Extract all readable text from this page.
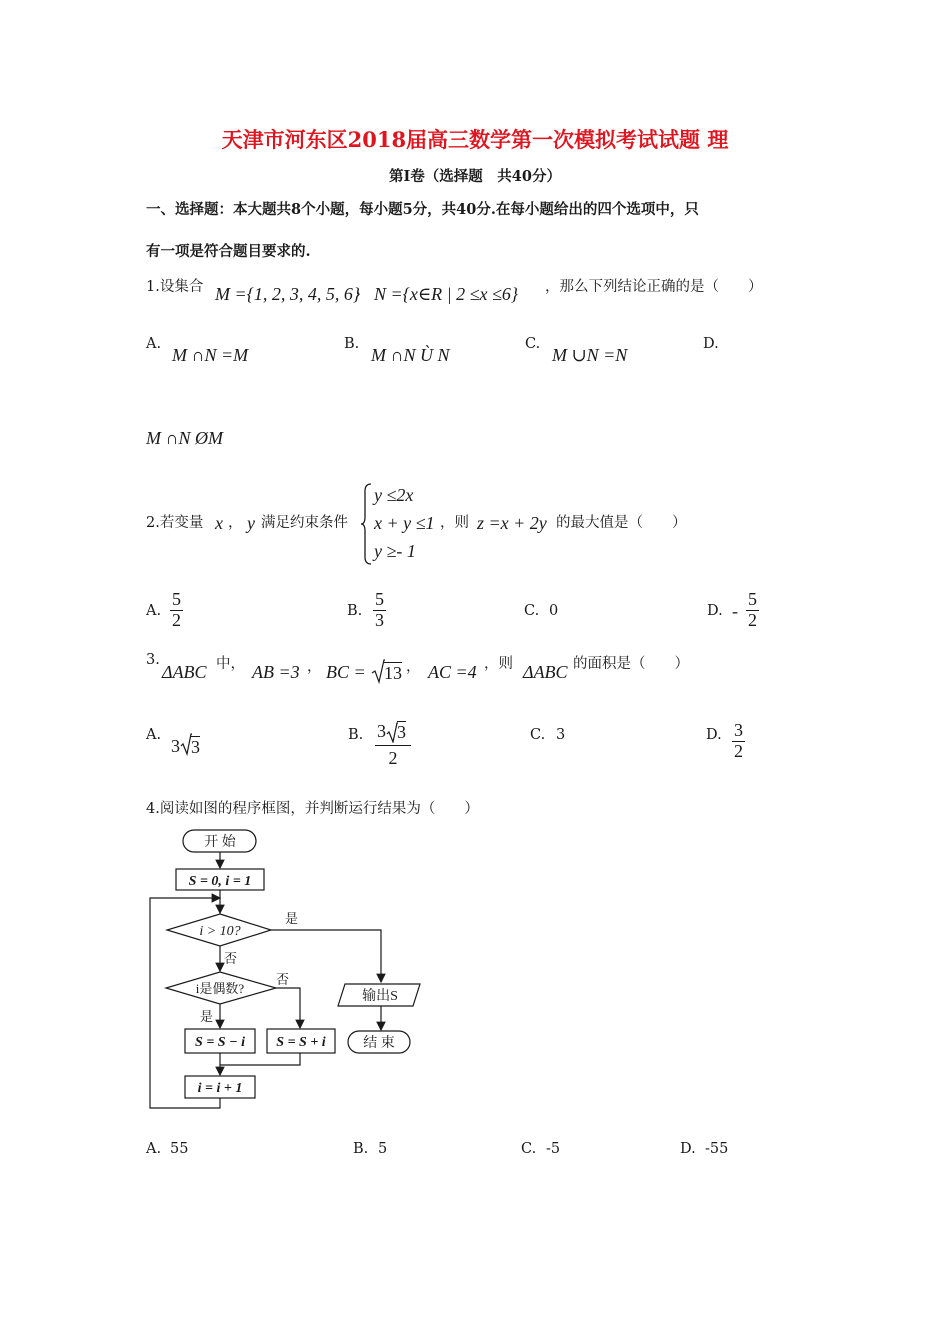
天津市河东区2018届高三数学第一次模拟考试试题 理
第Ⅰ卷（选择题　共40分）
一、选择题：本大题共8个小题，每小题5分，共40分.在每小题给出的四个选项中，只
有一项是符合题目要求的.
1.设集合 M ={1, 2, 3, 4, 5, 6}
， N ={x∈R | 2 ≤x ≤6} ，那么下列结论正确的是（　　）
A.
M ∩N =M
B.
M ∩N Ù N
C.
M ∪N =N
D.
M ∩N ØM
2.若变量 x ， y 满足约束条件
y ≤2x
x + y ≤1
y ≥- 1
，则 z =x + 2y 的最大值是（　　）
A. $\frac{5}{2}$	B. $\frac{5}{3}$	C. 0	D. - $\frac{5}{2}$
3.
ΔABC 中， AB =3 ， BC = 13 ， AC =4 ，则 ΔABC 的面积是（　　）
A.
3 3
B. 3 3
2
C. 3	D. $\frac{3}{2}$
4.阅读如图的程序框图，并判断运行结果为（　　）
开 始
S = 0, i = 1
i > 10?
是
否
i是偶数?
否
是
S = S − i S = S + i
i = i + 1
输出S
结 束
A. 55	B. 5	C. -5	D. -55
